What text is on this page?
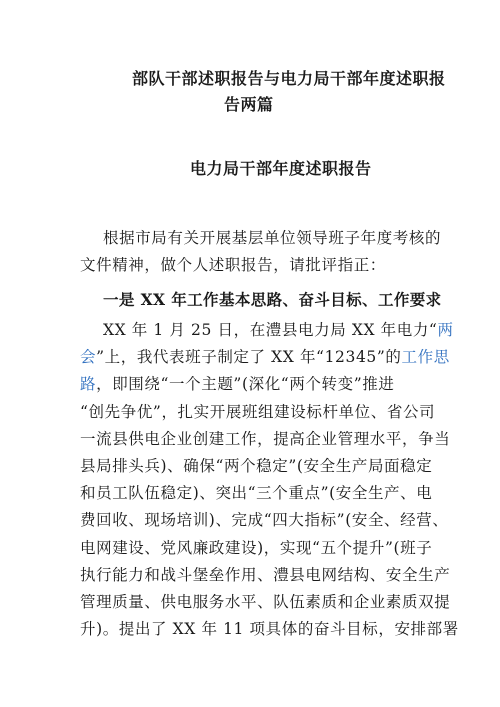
部队干部述职报告与电力局干部年度述职报
告两篇
电力局干部年度述职报告
根据市局有关开展基层单位领导班子年度考核的
文件精神，做个人述职报告，请批评指正：
一是 XX 年工作基本思路、奋斗目标、工作要求
XX 年 1 月 25 日，在澧县电力局 XX 年电力“两
会”上，我代表班子制定了 XX 年“12345”的工作思
路，即围绕“一个主题”(深化“两个转变”推进
“创先争优”，扎实开展班组建设标杆单位、省公司
一流县供电企业创建工作，提高企业管理水平，争当
县局排头兵)、确保“两个稳定”(安全生产局面稳定
和员工队伍稳定)、突出“三个重点”(安全生产、电
费回收、现场培训)、完成“四大指标”(安全、经营、
电网建设、党风廉政建设)，实现“五个提升”(班子
执行能力和战斗堡垒作用、澧县电网结构、安全生产
管理质量、供电服务水平、队伍素质和企业素质双提
升)。提出了 XX 年 11 项具体的奋斗目标，安排部署
